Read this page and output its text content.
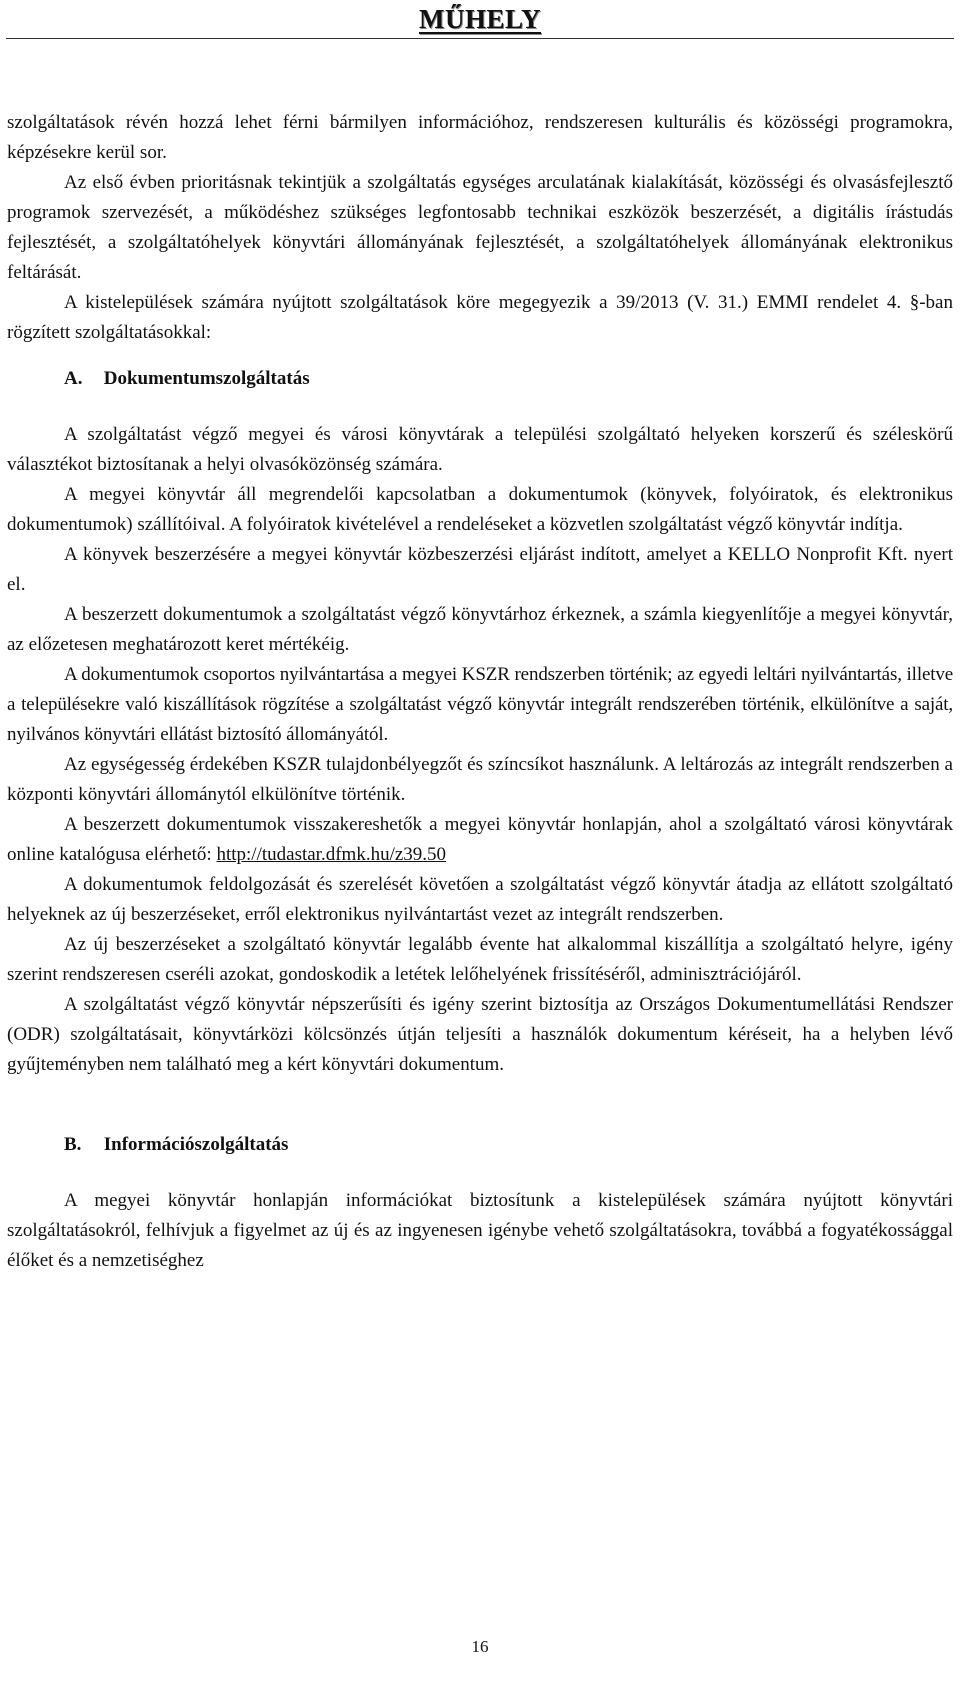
MŰHELY

szolgáltatások révén hozzá lehet férni bármilyen információhoz, rendszeresen kulturális és közösségi programokra, képzésekre kerül sor.

Az első évben prioritásnak tekintjük a szolgáltatás egységes arculatának kialakítását, közösségi és olvasásfejlesztő programok szervezését, a működéshez szükséges legfontosabb technikai eszközök beszerzését, a digitális írástudás fejlesztését, a szolgáltatóhelyek könyvtári állományának fejlesztését, a szolgáltatóhelyek állományának elektronikus feltárását.

A kistelepülések számára nyújtott szolgáltatások köre megegyezik a 39/2013 (V. 31.) EMMI rendelet 4. §-ban rögzített szolgáltatásokkal:

A. Dokumentumszolgáltatás

A szolgáltatást végző megyei és városi könyvtárak a települési szolgáltató helyeken korszerű és széleskörű választékot biztosítanak a helyi olvasóközönség számára.

A megyei könyvtár áll megrendelői kapcsolatban a dokumentumok (könyvek, folyóiratok, és elektronikus dokumentumok) szállítóival. A folyóiratok kivételével a rendeléseket a közvetlen szolgáltatást végző könyvtár indítja.

A könyvek beszerzésére a megyei könyvtár közbeszerzési eljárást indított, amelyet a KELLO Nonprofit Kft. nyert el.

A beszerzett dokumentumok a szolgáltatást végző könyvtárhoz érkeznek, a számla kiegyenlítője a megyei könyvtár, az előzetesen meghatározott keret mértékéig.

A dokumentumok csoportos nyilvántartása a megyei KSZR rendszerben történik; az egyedi leltári nyilvántartás, illetve a településekre való kiszállítások rögzítése a szolgáltatást végző könyvtár integrált rendszerében történik, elkülönítve a saját, nyilvános könyvtári ellátást biztosító állományától.

Az egységesség érdekében KSZR tulajdonbélyegzőt és színcsíkot használunk. A leltározás az integrált rendszerben a központi könyvtári állománytól elkülönítve történik.

A beszerzett dokumentumok visszakereshetők a megyei könyvtár honlapján, ahol a szolgáltató városi könyvtárak online katalógusa elérhető: http://tudastar.dfmk.hu/z39.50

A dokumentumok feldolgozását és szerelését követően a szolgáltatást végző könyvtár átadja az ellátott szolgáltató helyeknek az új beszerzéseket, erről elektronikus nyilvántartást vezet az integrált rendszerben.

Az új beszerzéseket a szolgáltató könyvtár legalább évente hat alkalommal kiszállítja a szolgáltató helyre, igény szerint rendszeresen cseréli azokat, gondoskodik a letétek lelőhelyének frissítéséről, adminisztrációjáról.

A szolgáltatást végző könyvtár népszerűsíti és igény szerint biztosítja az Országos Dokumentumellátási Rendszer (ODR) szolgáltatásait, könyvtárközi kölcsönzés útján teljesíti a használók dokumentum kéréseit, ha a helyben lévő gyűjteményben nem található meg a kért könyvtári dokumentum.

B. Információszolgáltatás

A megyei könyvtár honlapján információkat biztosítunk a kistelepülések számára nyújtott könyvtári szolgáltatásokról, felhívjuk a figyelmet az új és az ingyenesen igénybe vehető szolgáltatásokra, továbbá a fogyatékossággal élőket és a nemzetiséghez

16
